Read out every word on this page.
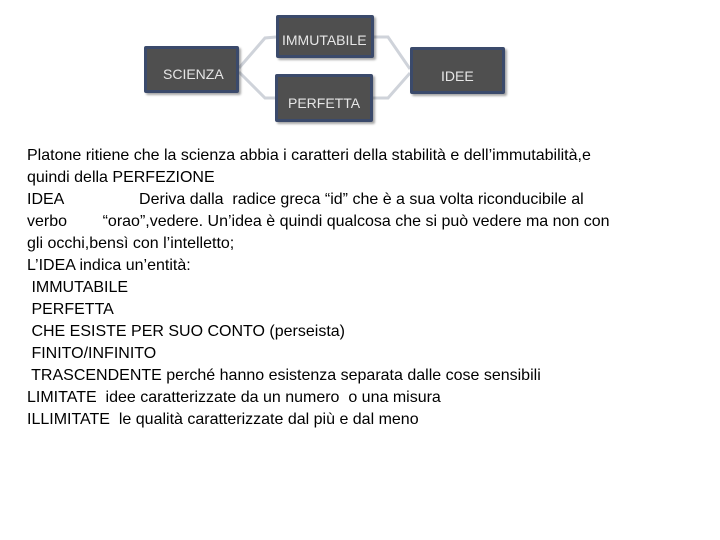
IMMUTABILE
SCIENZA	IDEE
PERFETTA
Platone ritiene che la scienza abbia i caratteri della stabilità e dell’immutabilità,e
quindi della PERFEZIONE
IDEA                 Deriva dalla  radice greca “id” che è a sua volta riconducibile al
verbo        “orao”,vedere. Un’idea è quindi qualcosa che si può vedere ma non con
gli occhi,bensì con l’intelletto;
L’IDEA indica un’entità:
IMMUTABILE
PERFETTA
CHE ESISTE PER SUO CONTO (perseista)
FINITO/INFINITO
TRASCENDENTE perché hanno esistenza separata dalle cose sensibili
LIMITATE  idee caratterizzate da un numero  o una misura
ILLIMITATE  le qualità caratterizzate dal più e dal meno
